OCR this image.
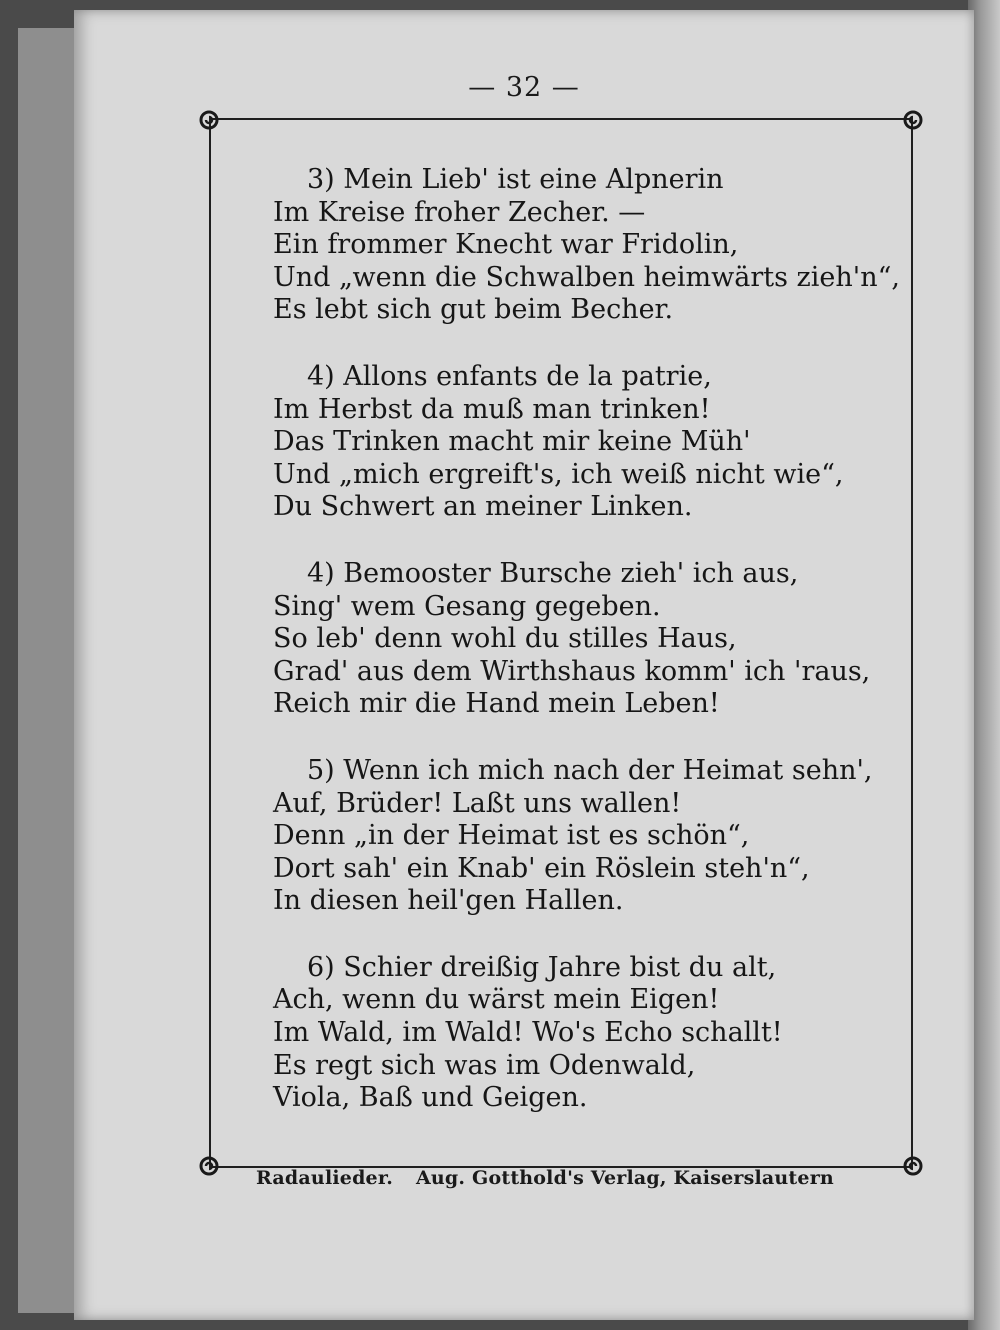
— 32 —
3) Mein Lieb' ist eine Alpnerin
Im Kreise froher Zecher. —
Ein frommer Knecht war Fridolin,
Und „wenn die Schwalben heimwärts zieh'n“,
Es lebt sich gut beim Becher.
4) Allons enfants de la patrie,
Im Herbst da muß man trinken!
Das Trinken macht mir keine Müh'
Und „mich ergreift's, ich weiß nicht wie“,
Du Schwert an meiner Linken.
4) Bemooster Bursche zieh' ich aus,
Sing' wem Gesang gegeben.
So leb' denn wohl du stilles Haus,
Grad' aus dem Wirthshaus komm' ich 'raus,
Reich mir die Hand mein Leben!
5) Wenn ich mich nach der Heimat sehn',
Auf, Brüder! Laßt uns wallen!
Denn „in der Heimat ist es schön“,
Dort sah' ein Knab' ein Röslein steh'n“,
In diesen heil'gen Hallen.
6) Schier dreißig Jahre bist du alt,
Ach, wenn du wärst mein Eigen!
Im Wald, im Wald! Wo's Echo schallt!
Es regt sich was im Odenwald,
Viola, Baß und Geigen.
Radaulieder. Aug. Gotthold's Verlag, Kaiserslautern
